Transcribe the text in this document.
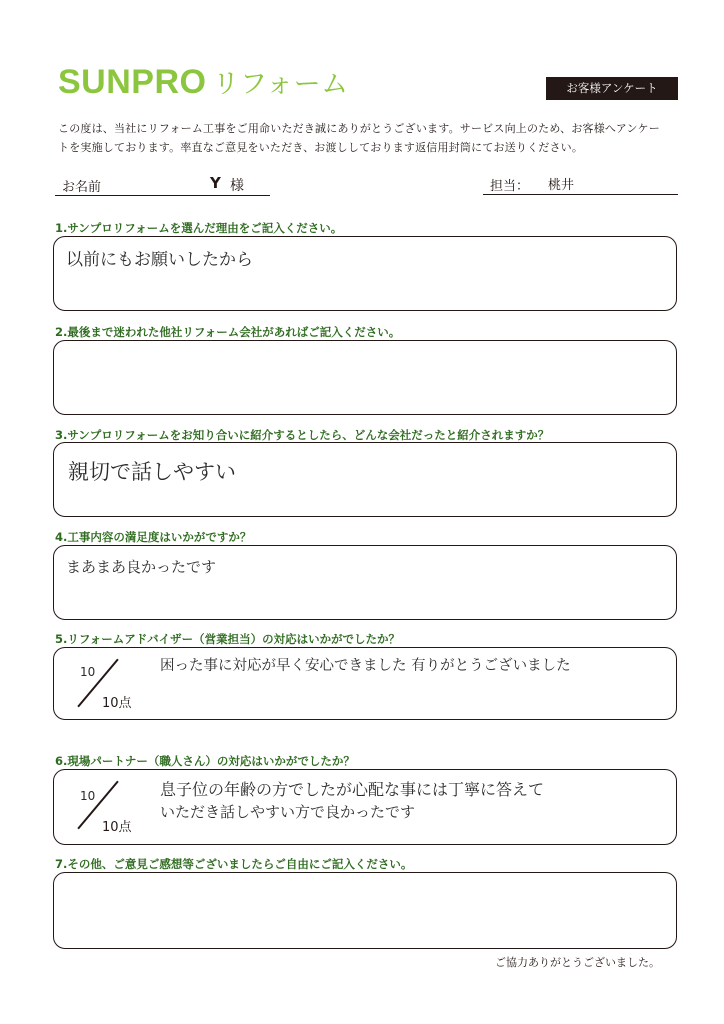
SUNPRO リフォーム	お客様アンケート
この度は、当社にリフォーム工事をご用命いただき誠にありがとうございます。サービス向上のため、お客様へアンケー
トを実施しております。率直なご意見をいただき、お渡ししております返信用封筒にてお送りください。
お名前	Y 様	担当： 桃井
1.サンプロリフォームを選んだ理由をご記入ください。
以前にもお願いしたから
2.最後まで迷われた他社リフォーム会社があればご記入ください。
3.サンプロリフォームをお知り合いに紹介するとしたら、どんな会社だったと紹介されますか？
親切で話しやすい
4.工事内容の満足度はいかがですか？
まあまあ良かったです
5.リフォームアドバイザー（営業担当）の対応はいかがでしたか？
10
10点
困った事に対応が早く安心できました 有りがとうございました
6.現場パートナー（職人さん）の対応はいかがでしたか？
10
10点
息子位の年齢の方でしたが心配な事には丁寧に答えて
いただき話しやすい方で良かったです
7.その他、ご意見ご感想等ございましたらご自由にご記入ください。
ご協力ありがとうございました。
